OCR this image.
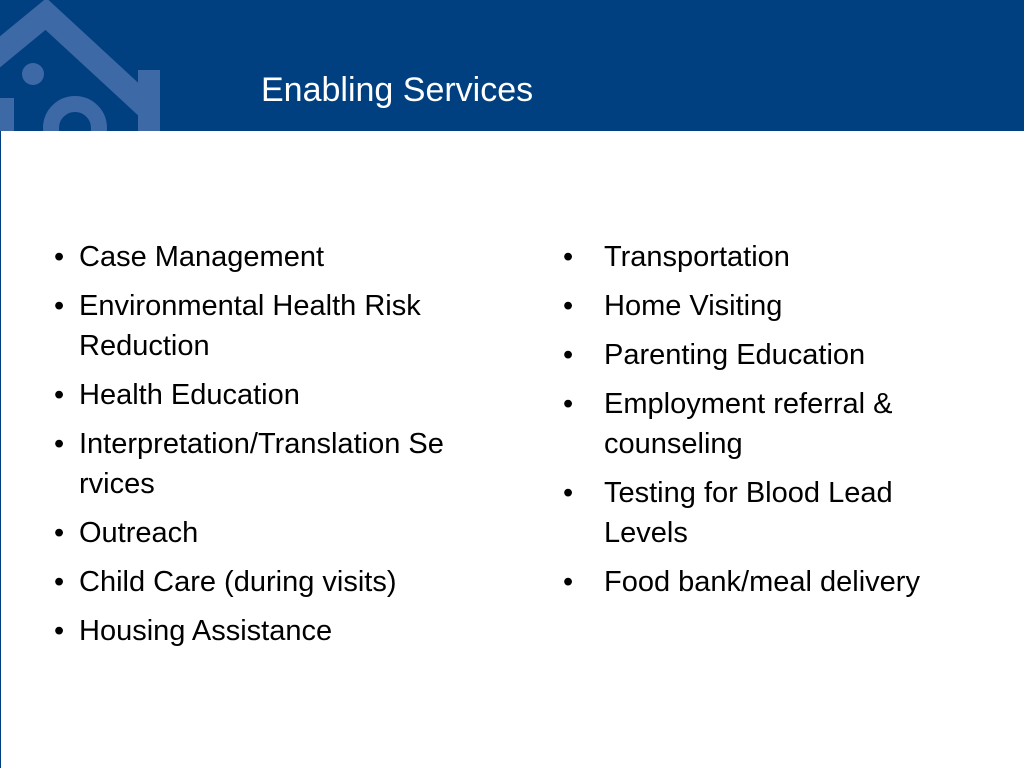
Enabling Services
• Case Management
• Environmental Health Risk Reduction
• Health Education
• Interpretation/Translation Services
• Outreach
• Child Care (during visits)
• Housing Assistance
• Transportation
• Home Visiting
• Parenting Education
• Employment referral & counseling
• Testing for Blood Lead Levels
• Food bank/meal delivery
